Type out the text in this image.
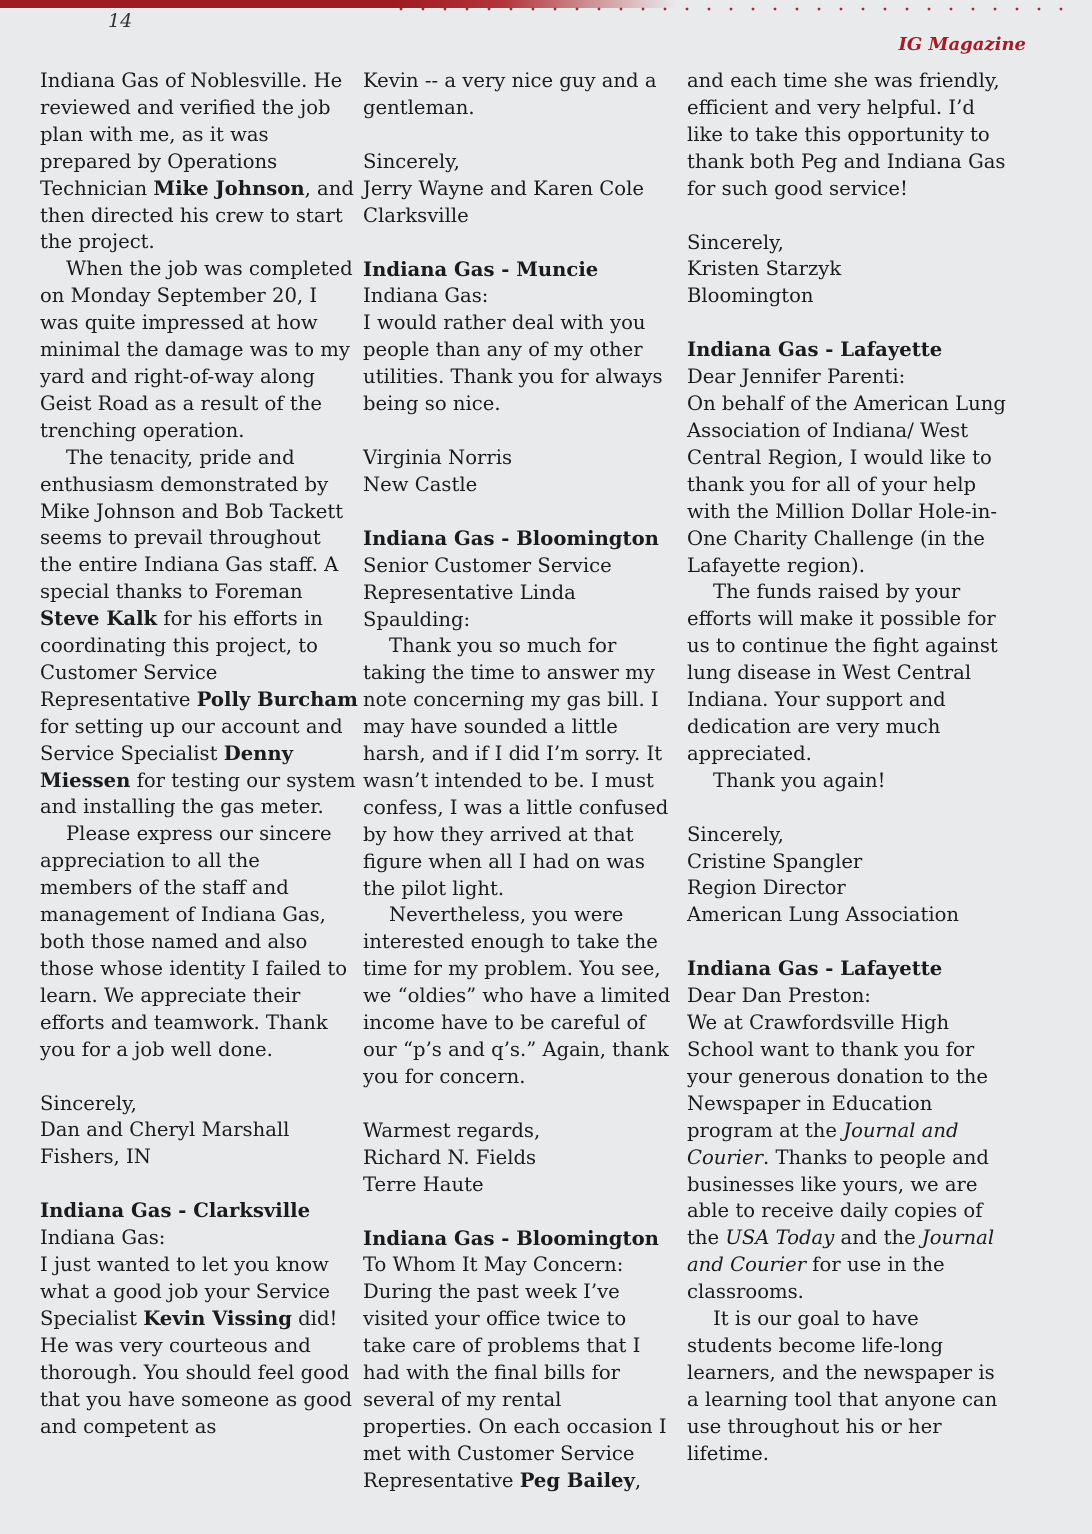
14
IG Magazine

Indiana Gas of Noblesville. He reviewed and verified the job plan with me, as it was prepared by Operations Technician Mike Johnson, and then directed his crew to start the project.

When the job was completed on Monday September 20, I was quite impressed at how minimal the damage was to my yard and right-of-way along Geist Road as a result of the trenching operation.

The tenacity, pride and enthusiasm demonstrated by Mike Johnson and Bob Tackett seems to prevail throughout the entire Indiana Gas staff. A special thanks to Foreman Steve Kalk for his efforts in coordinating this project, to Customer Service Representative Polly Burcham for setting up our account and Service Specialist Denny Miessen for testing our system and installing the gas meter.

Please express our sincere appreciation to all the members of the staff and management of Indiana Gas, both those named and also those whose identity I failed to learn. We appreciate their efforts and teamwork. Thank you for a job well done.

Sincerely,

Dan and Cheryl Marshall

Fishers, IN

Indiana Gas - Clarksville

Indiana Gas:

I just wanted to let you know what a good job your Service Specialist Kevin Vissing did! He was very courteous and thorough. You should feel good that you have someone as good and competent as

Kevin -- a very nice guy and a gentleman.

Sincerely,

Jerry Wayne and Karen Cole

Clarksville

Indiana Gas - Muncie

Indiana Gas:

I would rather deal with you people than any of my other utilities. Thank you for always being so nice.

Virginia Norris

New Castle

Indiana Gas - Bloomington

Senior Customer Service Representative Linda Spaulding:

Thank you so much for taking the time to answer my note concerning my gas bill. I may have sounded a little harsh, and if I did I’m sorry. It wasn’t intended to be. I must confess, I was a little confused by how they arrived at that figure when all I had on was the pilot light.

Nevertheless, you were interested enough to take the time for my problem. You see, we “oldies” who have a limited income have to be careful of our “p’s and q’s.” Again, thank you for concern.

Warmest regards,

Richard N. Fields

Terre Haute

Indiana Gas - Bloomington

To Whom It May Concern:

During the past week I’ve visited your office twice to take care of problems that I had with the final bills for several of my rental properties. On each occasion I met with Customer Service Representative Peg Bailey,

and each time she was friendly, efficient and very helpful. I’d like to take this opportunity to thank both Peg and Indiana Gas for such good service!

Sincerely,

Kristen Starzyk

Bloomington

Indiana Gas - Lafayette

Dear Jennifer Parenti:

On behalf of the American Lung Association of Indiana/ West Central Region, I would like to thank you for all of your help with the Million Dollar Hole-in-One Charity Challenge (in the Lafayette region).

The funds raised by your efforts will make it possible for us to continue the fight against lung disease in West Central Indiana. Your support and dedication are very much appreciated.

Thank you again!

Sincerely,

Cristine Spangler

Region Director

American Lung Association

Indiana Gas - Lafayette

Dear Dan Preston:

We at Crawfordsville High School want to thank you for your generous donation to the Newspaper in Education program at the Journal and Courier. Thanks to people and businesses like yours, we are able to receive daily copies of the USA Today and the Journal and Courier for use in the classrooms.

It is our goal to have students become life-long learners, and the newspaper is a learning tool that anyone can use throughout his or her lifetime.
